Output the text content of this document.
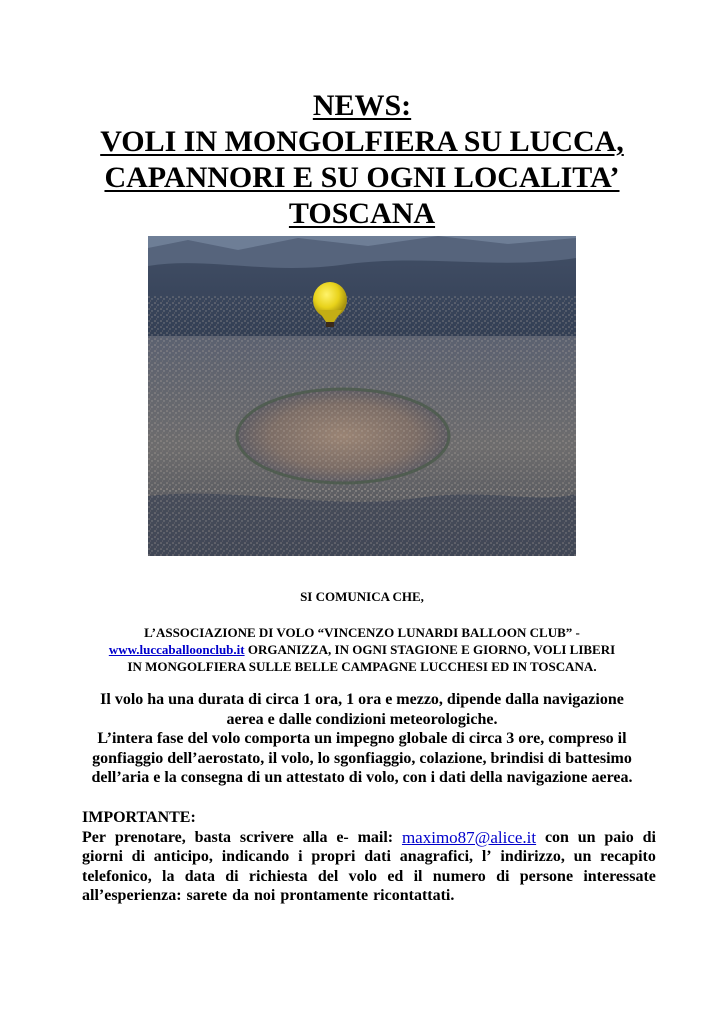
NEWS:
VOLI IN MONGOLFIERA SU LUCCA,
CAPANNORI E SU OGNI LOCALITA’
TOSCANA
SI COMUNICA CHE,
L’ASSOCIAZIONE DI VOLO “VINCENZO LUNARDI BALLOON CLUB” -
www.luccaballoonclub.it ORGANIZZA, IN OGNI STAGIONE E GIORNO, VOLI LIBERI
IN MONGOLFIERA SULLE BELLE CAMPAGNE LUCCHESI ED IN TOSCANA.
Il volo ha una durata di circa 1 ora, 1 ora e mezzo, dipende dalla navigazione
aerea e dalle condizioni meteorologiche.
L’intera fase del volo comporta un impegno globale di circa 3 ore, compreso il
gonfiaggio dell’aerostato, il volo, lo sgonfiaggio, colazione, brindisi di battesimo
dell’aria e la consegna di un attestato di volo, con i dati della navigazione aerea.
IMPORTANTE:
Per prenotare, basta scrivere alla e- mail: maximo87@alice.it con un paio di
giorni di anticipo, indicando i propri dati anagrafici, l’ indirizzo, un recapito
telefonico, la data di richiesta del volo ed il numero di persone interessate
all’esperienza: sarete da noi prontamente ricontattati.
